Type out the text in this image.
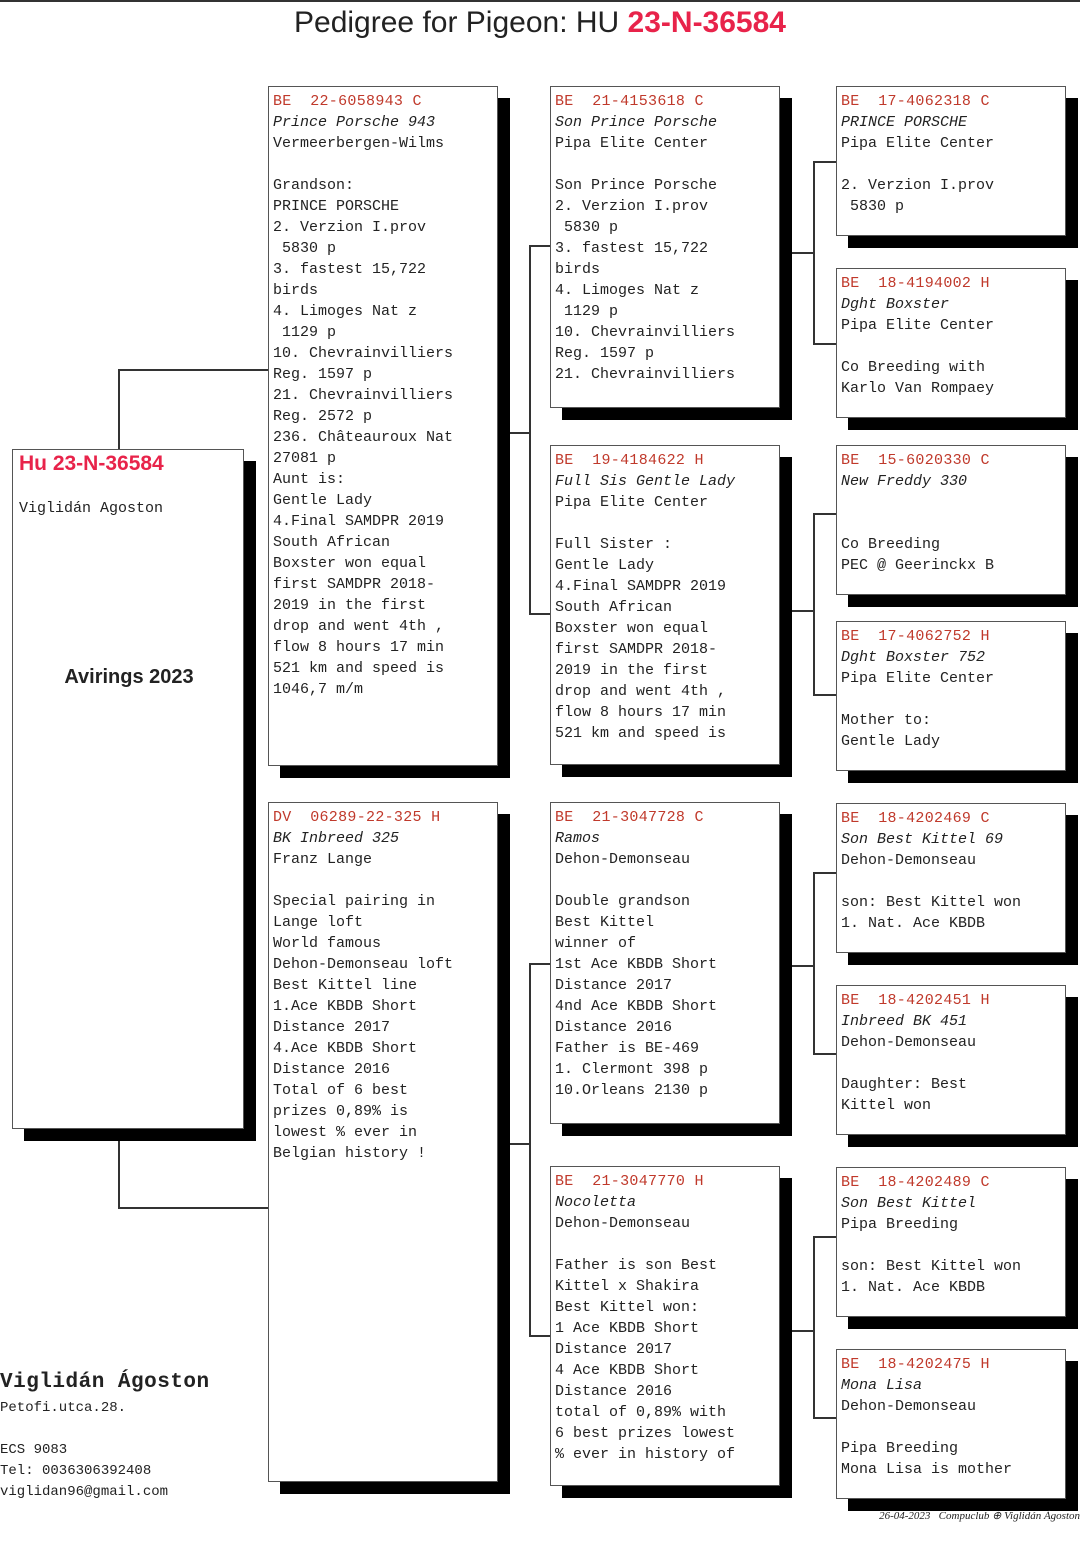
Pedigree for Pigeon: HU 23-N-36584
Hu 23-N-36584
Viglidán Agoston
Avirings 2023
BE  22-6058943 C
Prince Porsche 943
Vermeerbergen-Wilms
Grandson:
PRINCE PORSCHE
2. Verzion I.prov
5830 p
3. fastest 15,722
birds
4. Limoges Nat z
1129 p
10. Chevrainvilliers
Reg. 1597 p
21. Chevrainvilliers
Reg. 2572 p
236. Châteauroux Nat
27081 p
Aunt is:
Gentle Lady
4.Final SAMDPR 2019
South African
Boxster won equal
first SAMDPR 2018-
2019 in the first
drop and went 4th ,
flow 8 hours 17 min
521 km and speed is
1046,7 m/m
DV  06289-22-325 H
BK Inbreed 325
Franz Lange
Special pairing in
Lange loft
World famous
Dehon-Demonseau loft
Best Kittel line
1.Ace KBDB Short
Distance 2017
4.Ace KBDB Short
Distance 2016
Total of 6 best
prizes 0,89% is
lowest % ever in
Belgian history !
BE  21-4153618 C
Son Prince Porsche
Pipa Elite Center
Son Prince Porsche
2. Verzion I.prov
5830 p
3. fastest 15,722
birds
4. Limoges Nat z
1129 p
10. Chevrainvilliers
Reg. 1597 p
21. Chevrainvilliers
BE  19-4184622 H
Full Sis Gentle Lady
Pipa Elite Center
Full Sister :
Gentle Lady
4.Final SAMDPR 2019
South African
Boxster won equal
first SAMDPR 2018-
2019 in the first
drop and went 4th ,
flow 8 hours 17 min
521 km and speed is
BE  21-3047728 C
Ramos
Dehon-Demonseau
Double grandson
Best Kittel
winner of
1st Ace KBDB Short
Distance 2017
4nd Ace KBDB Short
Distance 2016
Father is BE-469
1. Clermont 398 p
10.Orleans 2130 p
BE  21-3047770 H
Nocoletta
Dehon-Demonseau
Father is son Best
Kittel x Shakira
Best Kittel won:
1 Ace KBDB Short
Distance 2017
4 Ace KBDB Short
Distance 2016
total of 0,89% with
6 best prizes lowest
% ever in history of
BE  17-4062318 C
PRINCE PORSCHE
Pipa Elite Center
2. Verzion I.prov
5830 p
BE  18-4194002 H
Dght Boxster
Pipa Elite Center
Co Breeding with
Karlo Van Rompaey
BE  15-6020330 C
New Freddy 330
Co Breeding
PEC @ Geerinckx B
BE  17-4062752 H
Dght Boxster 752
Pipa Elite Center
Mother to:
Gentle Lady
BE  18-4202469 C
Son Best Kittel 69
Dehon-Demonseau
son: Best Kittel won
1. Nat. Ace KBDB
BE  18-4202451 H
Inbreed BK 451
Dehon-Demonseau
Daughter: Best
Kittel won
BE  18-4202489 C
Son Best Kittel
Pipa Breeding
son: Best Kittel won
1. Nat. Ace KBDB
BE  18-4202475 H
Mona Lisa
Dehon-Demonseau
Pipa Breeding
Mona Lisa is mother
Viglidán Ágoston
Petofi.utca.28.

ECS 9083
Tel: 0036306392408
viglidan96@gmail.com
26-04-2023   Compuclub ⊕ Viglidán Ágoston
